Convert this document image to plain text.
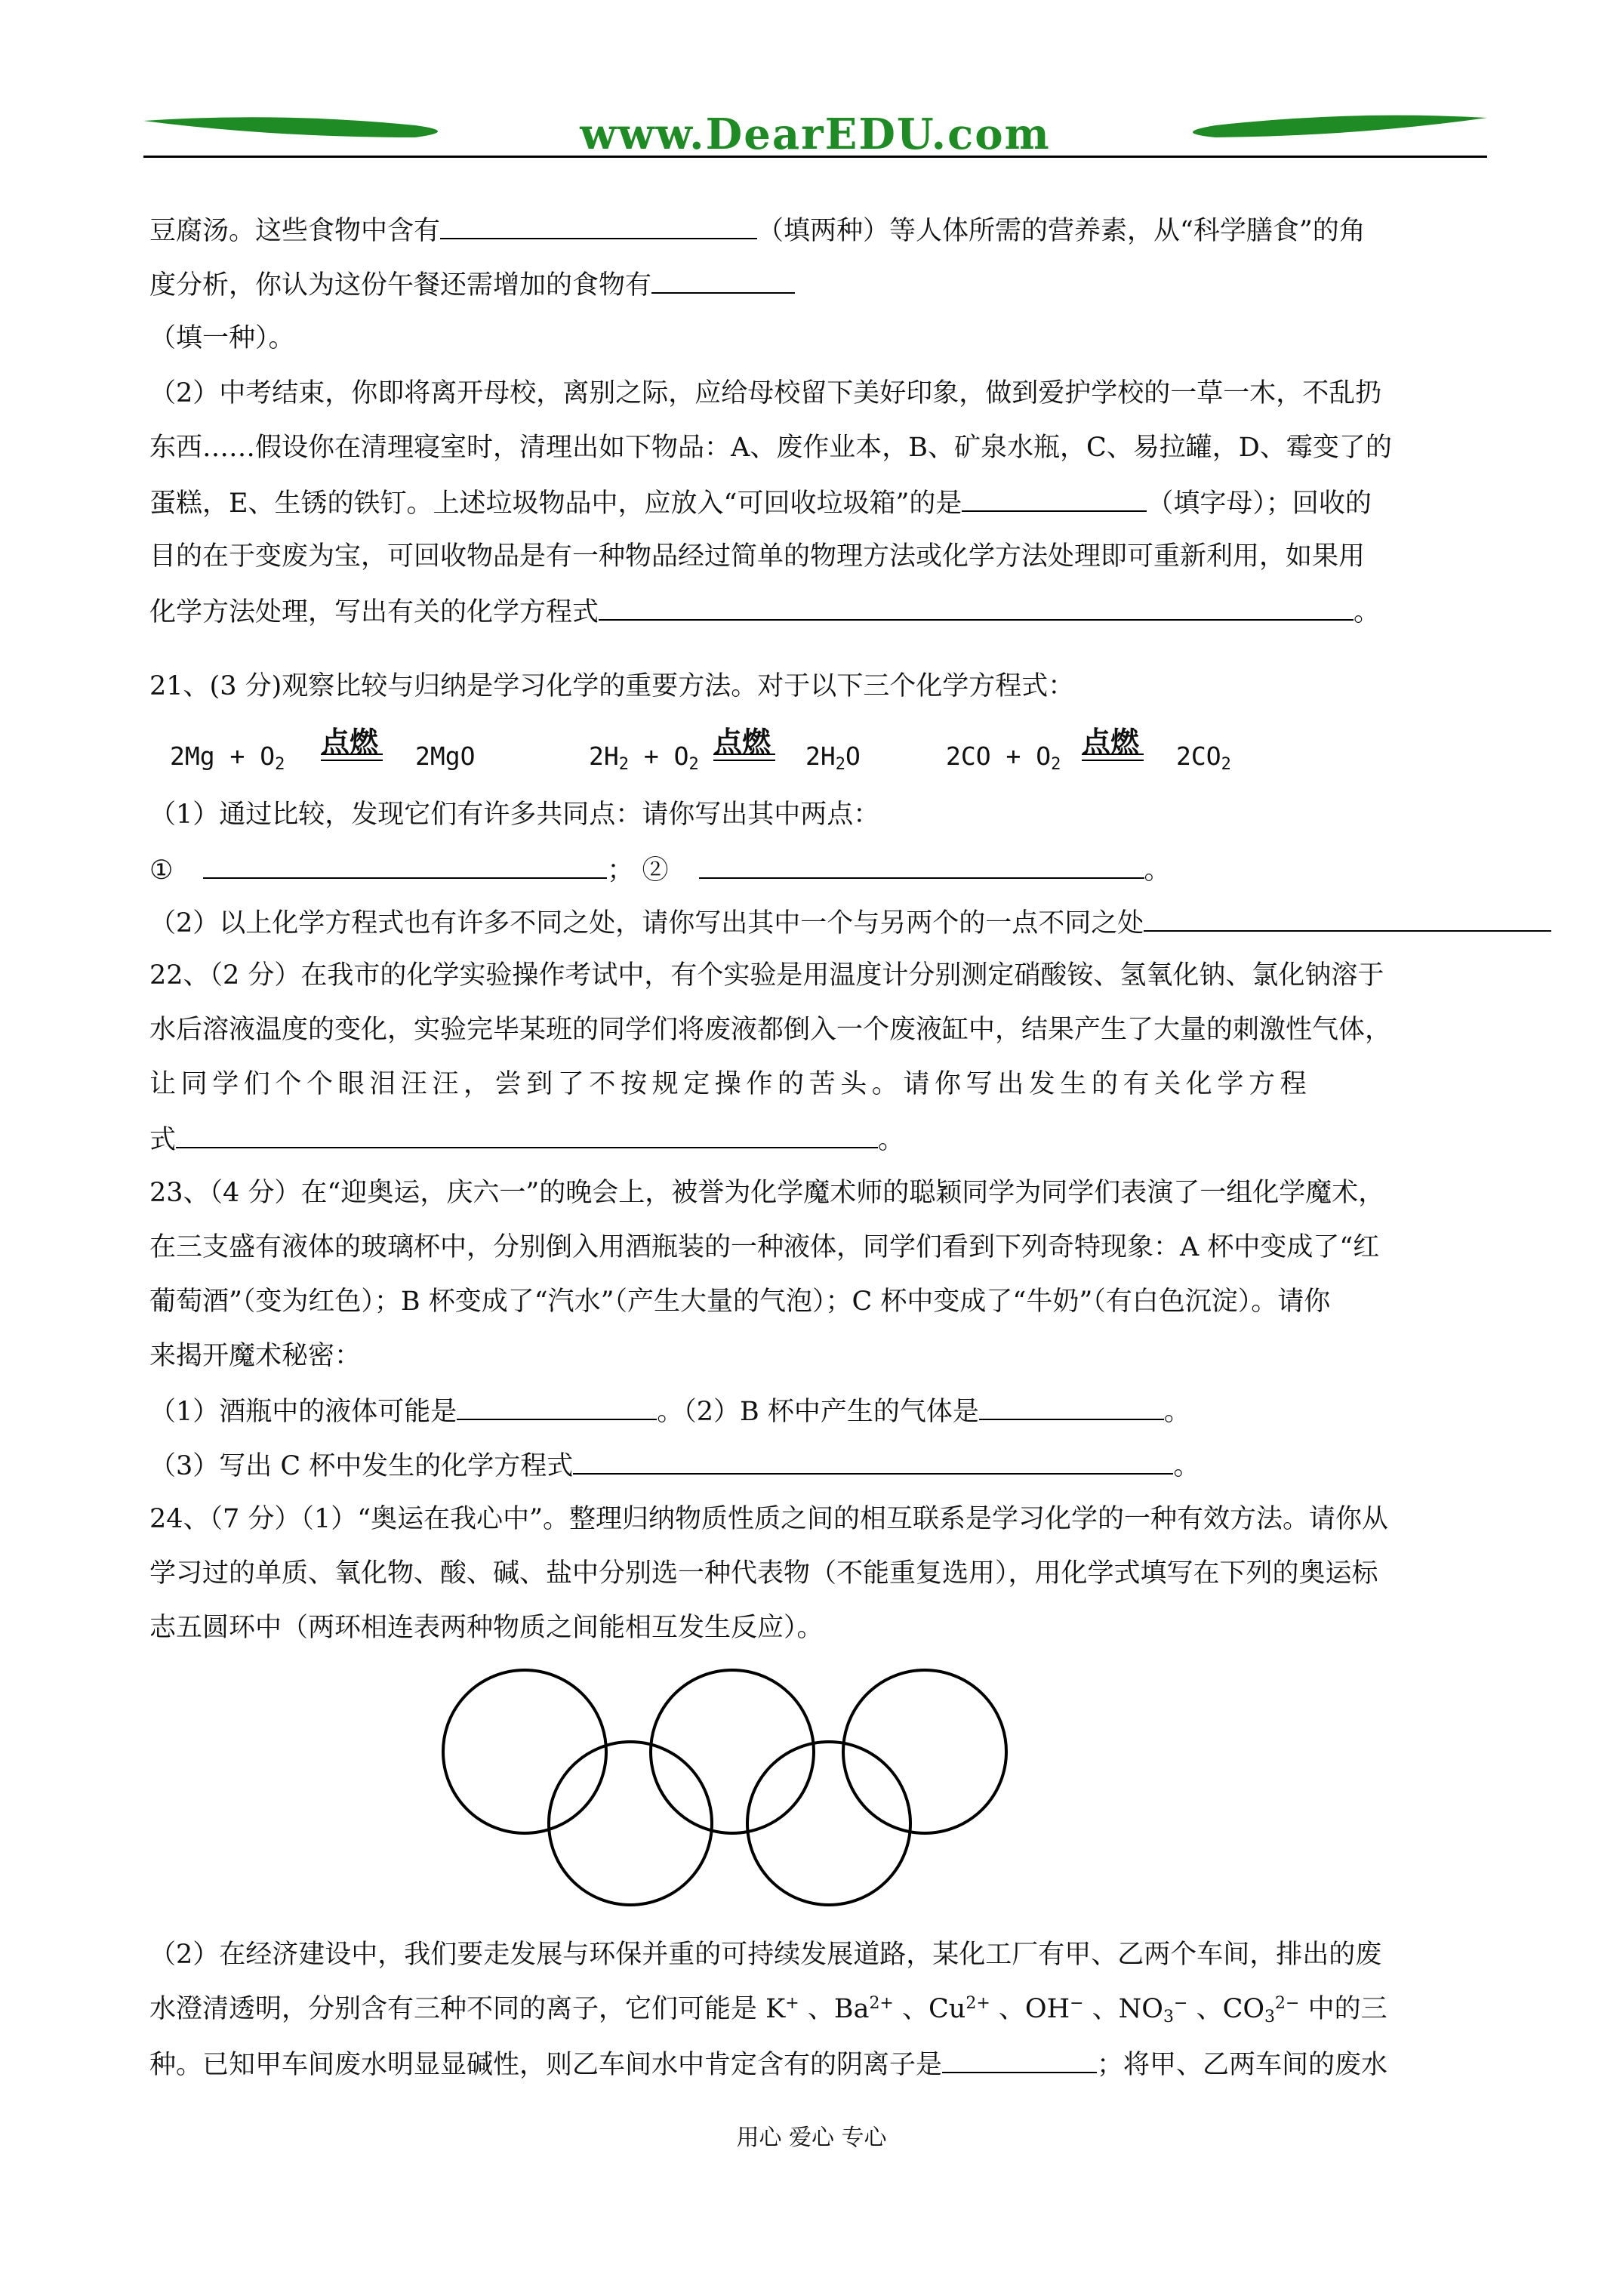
www.DearEDU.com
豆腐汤。这些食物中含有	（填两种）等人体所需的营养素，从“科学膳食”的角
度分析，你认为这份午餐还需增加的食物有
（填一种）。
（2）中考结束，你即将离开母校，离别之际，应给母校留下美好印象，做到爱护学校的一草一木，不乱扔
东西……假设你在清理寝室时，清理出如下物品：A、废作业本，B、矿泉水瓶，C、易拉罐，D、霉变了的
蛋糕，E、生锈的铁钉。上述垃圾物品中，应放入“可回收垃圾箱”的是	（填字母）；回收的
目的在于变废为宝，可回收物品是有一种物品经过简单的物理方法或化学方法处理即可重新利用，如果用
化学方法处理，写出有关的化学方程式	。
21、(3 分)观察比较与归纳是学习化学的重要方法。对于以下三个化学方程式：
$2Mg + O_2$
点燃 2MgO	$2H_2 + O_2$
点燃 $2H_2O$	$2CO + O_2$
点燃 $2CO_2$
（1）通过比较，发现它们有许多共同点：请你写出其中两点：
①	； ②	。
（2）以上化学方程式也有许多不同之处，请你写出其中一个与另两个的一点不同之处
22、（2 分）在我市的化学实验操作考试中，有个实验是用温度计分别测定硝酸铵、氢氧化钠、氯化钠溶于
水后溶液温度的变化，实验完毕某班的同学们将废液都倒入一个废液缸中，结果产生了大量的刺激性气体，
让同学们个个眼泪汪汪，尝到了不按规定操作的苦头。请你写出发生的有关化学方程
式	。
23、（4 分）在“迎奥运，庆六一”的晚会上，被誉为化学魔术师的聪颖同学为同学们表演了一组化学魔术，
在三支盛有液体的玻璃杯中，分别倒入用酒瓶装的一种液体，同学们看到下列奇特现象：A 杯中变成了“红
葡萄酒”（变为红色）；B 杯变成了“汽水”（产生大量的气泡）；C 杯中变成了“牛奶”（有白色沉淀）。请你
来揭开魔术秘密：
（1）酒瓶中的液体可能是	。（2）B 杯中产生的气体是	。
（3）写出 C 杯中发生的化学方程式	。
24、（7 分）（1）“奥运在我心中”。整理归纳物质性质之间的相互联系是学习化学的一种有效方法。请你从
学习过的单质、氧化物、酸、碱、盐中分别选一种代表物（不能重复选用），用化学式填写在下列的奥运标
志五圆环中（两环相连表两种物质之间能相互发生反应）。
（2）在经济建设中，我们要走发展与环保并重的可持续发展道路，某化工厂有甲、乙两个车间，排出的废
水澄清透明，分别含有三种不同的离子，它们可能是 K+ 、$Ba^{2+}$ 、$Cu^{2+}$ 、OH− 、$NO_3^-$ 、$CO_3^{2-}$ 中的三
种。已知甲车间废水明显显碱性，则乙车间水中肯定含有的阴离子是	；将甲、乙两车间的废水
用心 爱心 专心
